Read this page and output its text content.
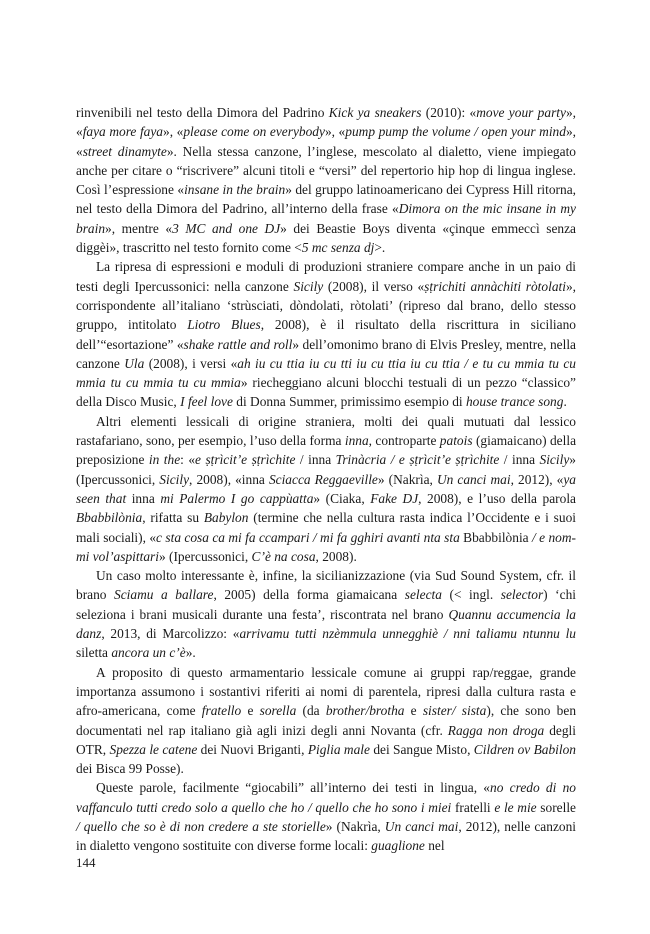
rinvenibili nel testo della Dimora del Padrino Kick ya sneakers (2010): «move your party», «faya more faya», «please come on everybody», «pump pump the volume / open your mind», «street dinamyte». Nella stessa canzone, l’inglese, mescolato al dialetto, viene impiegato anche per citare o “riscrivere” alcuni titoli e “versi” del repertorio hip hop di lingua inglese. Così l’espressione «insane in the brain» del gruppo latinoamericano dei Cypress Hill ritorna, nel testo della Dimora del Padrino, all’interno della frase «Dimora on the mic insane in my brain», mentre «3 MC and one DJ» dei Beastie Boys diventa «çinque emmeccì senza diggèi», trascritto nel testo fornito come <5 mc senza dj>.

La ripresa di espressioni e moduli di produzioni straniere compare anche in un paio di testi degli Ipercussonici: nella canzone Sicily (2008), il verso «ṣṭrichiti annàchiti ròtolati», corrispondente all’italiano ‘strùsciati, dòndolati, ròtolati’ (ripreso dal brano, dello stesso gruppo, intitolato Liotro Blues, 2008), è il risultato della riscrittura in siciliano dell’“esortazione” «shake rattle and roll» dell’omonimo brano di Elvis Presley, mentre, nella canzone Ula (2008), i versi «ah iu cu ttia iu cu tti iu cu ttia iu cu ttia / e tu cu mmia tu cu mmia tu cu mmia tu cu mmia» riecheggiano alcuni blocchi testuali di un pezzo “classico” della Disco Music, I feel love di Donna Summer, primissimo esempio di house trance song.

Altri elementi lessicali di origine straniera, molti dei quali mutuati dal lessico rastafariano, sono, per esempio, l’uso della forma inna, controparte patois (giamaicano) della preposizione in the: «e ṣṭrìcit’e ṣṭrìchite / inna Trinàcria / e ṣṭrìcit’e ṣṭrìchite / inna Sicily» (Ipercussonici, Sicily, 2008), «inna Sciacca Reggaeville» (Nakrìa, Un canci mai, 2012), «ya seen that inna mi Palermo I go cappùatta» (Ciaka, Fake DJ, 2008), e l’uso della parola Bbabbilònia, rifatta su Babylon (termine che nella cultura rasta indica l’Occidente e i suoi mali sociali), «c sta cosa ca mi fa ccampari / mi fa gghiri avanti nta sta Bbabbilònia / e nom-mi vol’aspittari» (Ipercussonici, C’è na cosa, 2008).

Un caso molto interessante è, infine, la sicilianizzazione (via Sud Sound System, cfr. il brano Sciamu a ballare, 2005) della forma giamaicana selecta (< ingl. selector) ‘chi seleziona i brani musicali durante una festa’, riscontrata nel brano Quannu accumencia la danz, 2013, di Marcolizzo: «arrivamu tutti nzèmmula unnegghiè / nni taliamu ntunnu lu siletta ancora un c’è».

A proposito di questo armamentario lessicale comune ai gruppi rap/reggae, grande importanza assumono i sostantivi riferiti ai nomi di parentela, ripresi dalla cultura rasta e afro-americana, come fratello e sorella (da brother/brotha e sister/ sista), che sono ben documentati nel rap italiano già agli inizi degli anni Novanta (cfr. Ragga non droga degli OTR, Spezza le catene dei Nuovi Briganti, Piglia male dei Sangue Misto, Cildren ov Babilon dei Bisca 99 Posse).

Queste parole, facilmente “giocabili” all’interno dei testi in lingua, «no credo di no vaffanculo tutti credo solo a quello che ho / quello che ho sono i miei fratelli e le mie sorelle / quello che so è di non credere a ste storielle» (Nakrìa, Un canci mai, 2012), nelle canzoni in dialetto vengono sostituite con diverse forme locali: guaglione nel

144
